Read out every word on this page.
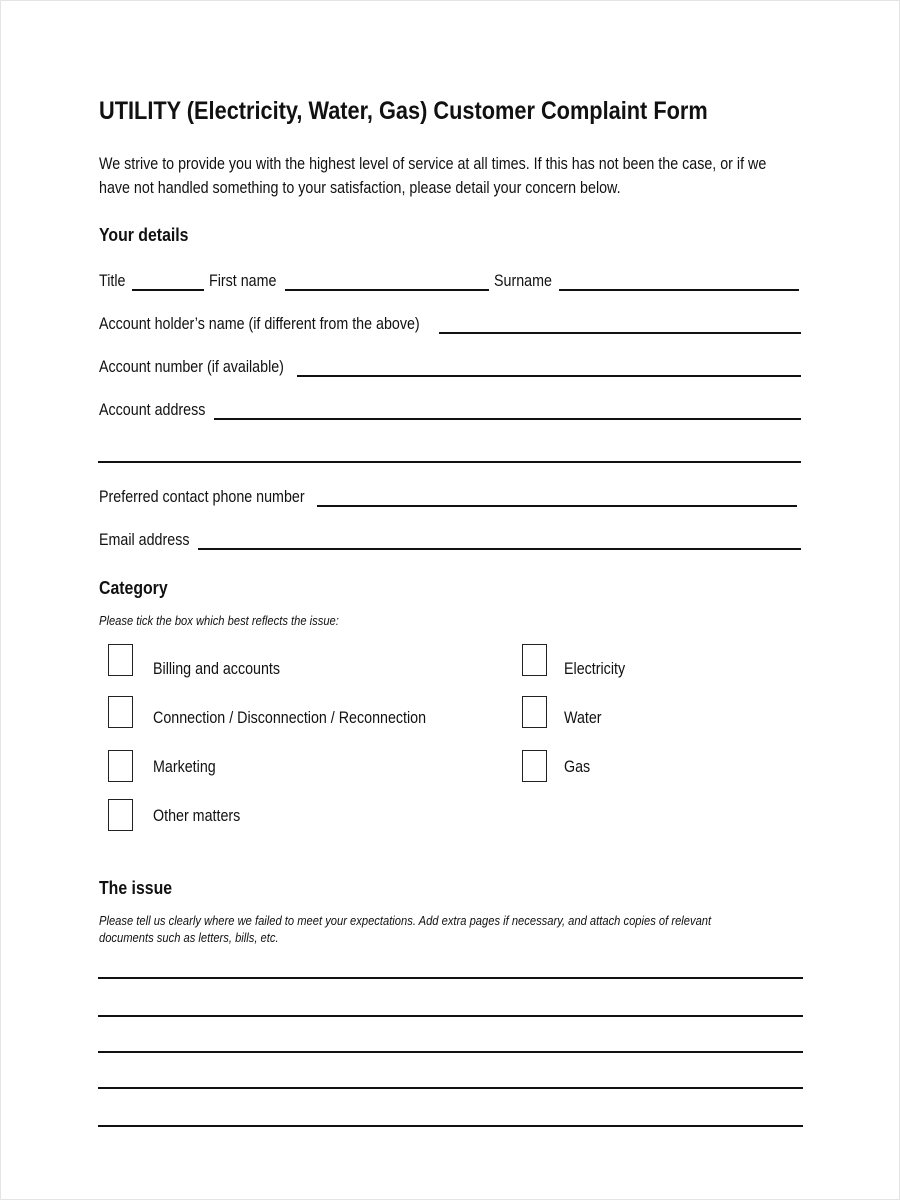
UTILITY (Electricity, Water, Gas) Customer Complaint Form
We strive to provide you with the highest level of service at all times. If this has not been the case, or if we
have not handled something to your satisfaction, please detail your concern below.
Your details
Title	First name	Surname
Account holder’s name (if different from the above)
Account number (if available)
Account address
Preferred contact phone number
Email address
Category
Please tick the box which best reflects the issue:
Billing and accounts
Connection / Disconnection / Reconnection
Marketing
Other matters
Electricity
Water
Gas
The issue
Please tell us clearly where we failed to meet your expectations. Add extra pages if necessary, and attach copies of relevant
documents such as letters, bills, etc.
